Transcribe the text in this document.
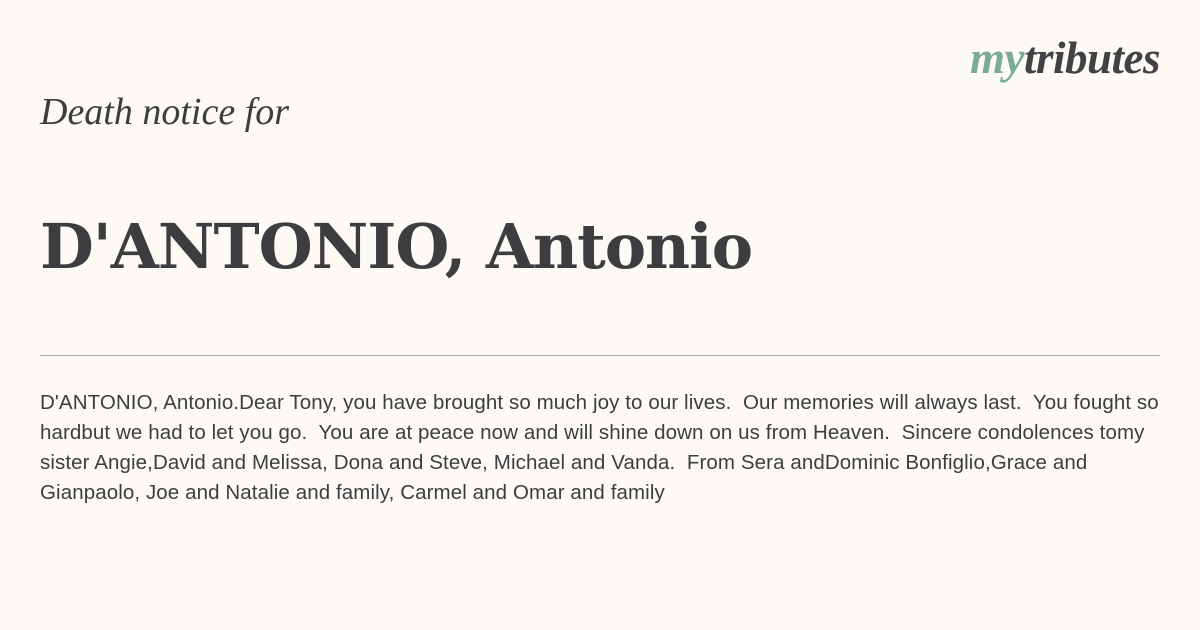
mytributes
Death notice for
D'ANTONIO, Antonio

D'ANTONIO, Antonio.Dear Tony, you have brought so much joy to our lives.  Our memories will always last.  You fought so hardbut we had to let you go.  You are at peace now and will shine down on us from Heaven.  Sincere condolences tomy sister Angie,David and Melissa, Dona and Steve, Michael and Vanda.  From Sera andDominic Bonfiglio,Grace and Gianpaolo, Joe and Natalie and family, Carmel and Omar and family
